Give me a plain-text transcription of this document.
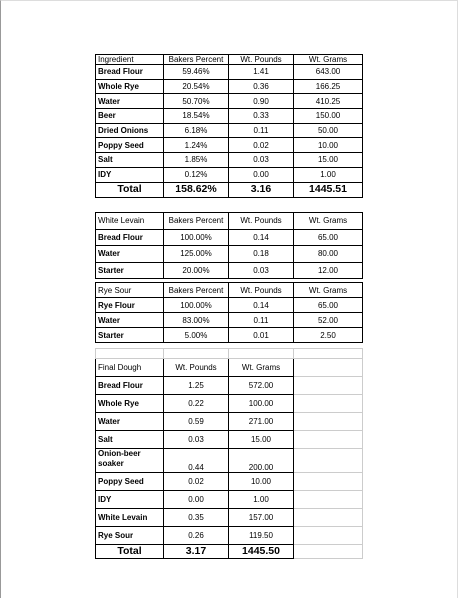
Ingredient	Bakers Percent	Wt. Pounds	Wt. Grams
Bread Flour	59.46%	1.41	643.00
Whole Rye	20.54%	0.36	166.25
Water	50.70%	0.90	410.25
Beer	18.54%	0.33	150.00
Dried Onions	6.18%	0.11	50.00
Poppy Seed	1.24%	0.02	10.00
Salt	1.85%	0.03	15.00
IDY	0.12%	0.00	1.00
Total	158.62%	3.16	1445.51
White Levain	Bakers Percent	Wt. Pounds	Wt. Grams
Bread Flour	100.00%	0.14	65.00
Water	125.00%	0.18	80.00
Starter	20.00%	0.03	12.00
Rye Sour	Bakers Percent	Wt. Pounds	Wt. Grams
Rye Flour	100.00%	0.14	65.00
Water	83.00%	0.11	52.00
Starter	5.00%	0.01	2.50

Final Dough	Wt. Pounds	Wt. Grams	
Bread Flour	1.25	572.00	
Whole Rye	0.22	100.00	
Water	0.59	271.00	
Salt	0.03	15.00	
Onion-beer soaker	0.44	200.00	
Poppy Seed	0.02	10.00	
IDY	0.00	1.00	
White Levain	0.35	157.00	
Rye Sour	0.26	119.50	
Total	3.17	1445.50	
